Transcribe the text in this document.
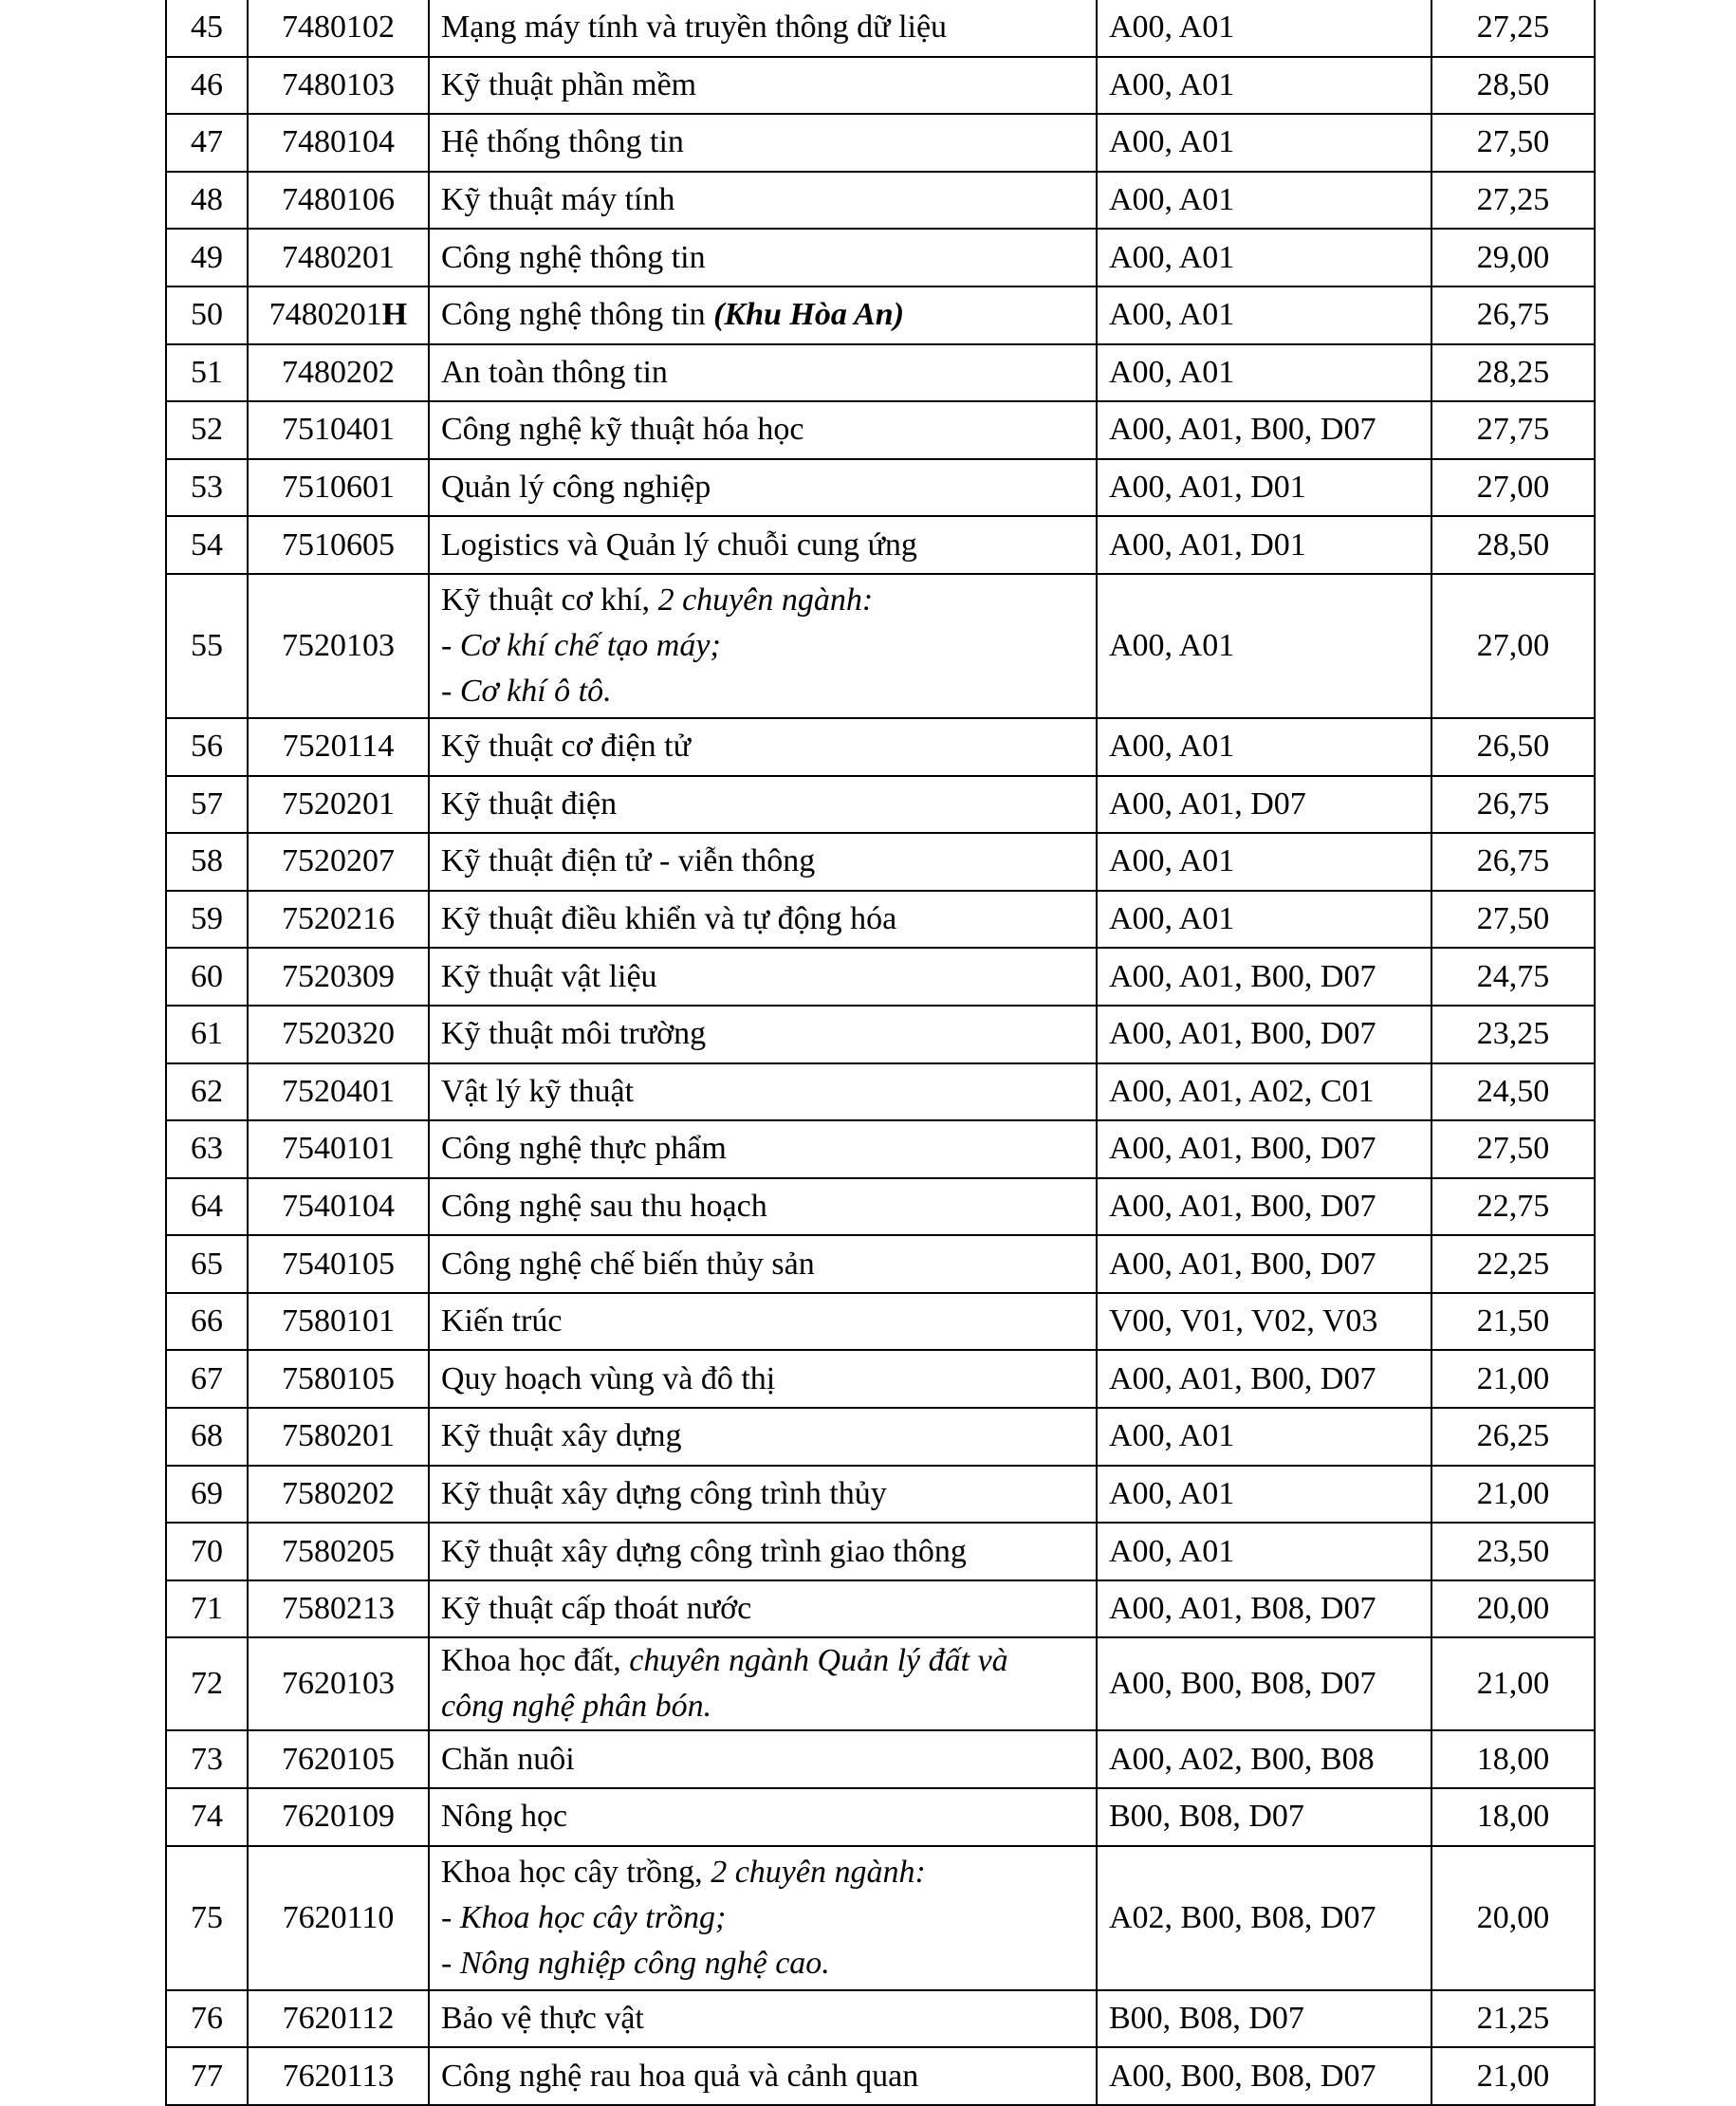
45	7480102	Mạng máy tính và truyền thông dữ liệu	A00, A01	27,25
46	7480103	Kỹ thuật phần mềm	A00, A01	28,50
47	7480104	Hệ thống thông tin	A00, A01	27,50
48	7480106	Kỹ thuật máy tính	A00, A01	27,25
49	7480201	Công nghệ thông tin	A00, A01	29,00
50	7480201H	Công nghệ thông tin (Khu Hòa An)	A00, A01	26,75
51	7480202	An toàn thông tin	A00, A01	28,25
52	7510401	Công nghệ kỹ thuật hóa học	A00, A01, B00, D07	27,75
53	7510601	Quản lý công nghiệp	A00, A01, D01	27,00
54	7510605	Logistics và Quản lý chuỗi cung ứng	A00, A01, D01	28,50
55	7520103	Kỹ thuật cơ khí, 2 chuyên ngành:
- Cơ khí chế tạo máy;
- Cơ khí ô tô.	A00, A01	27,00
56	7520114	Kỹ thuật cơ điện tử	A00, A01	26,50
57	7520201	Kỹ thuật điện	A00, A01, D07	26,75
58	7520207	Kỹ thuật điện tử - viễn thông	A00, A01	26,75
59	7520216	Kỹ thuật điều khiển và tự động hóa	A00, A01	27,50
60	7520309	Kỹ thuật vật liệu	A00, A01, B00, D07	24,75
61	7520320	Kỹ thuật môi trường	A00, A01, B00, D07	23,25
62	7520401	Vật lý kỹ thuật	A00, A01, A02, C01	24,50
63	7540101	Công nghệ thực phẩm	A00, A01, B00, D07	27,50
64	7540104	Công nghệ sau thu hoạch	A00, A01, B00, D07	22,75
65	7540105	Công nghệ chế biến thủy sản	A00, A01, B00, D07	22,25
66	7580101	Kiến trúc	V00, V01, V02, V03	21,50
67	7580105	Quy hoạch vùng và đô thị	A00, A01, B00, D07	21,00
68	7580201	Kỹ thuật xây dựng	A00, A01	26,25
69	7580202	Kỹ thuật xây dựng công trình thủy	A00, A01	21,00
70	7580205	Kỹ thuật xây dựng công trình giao thông	A00, A01	23,50
71	7580213	Kỹ thuật cấp thoát nước	A00, A01, B08, D07	20,00
72	7620103	Khoa học đất, chuyên ngành Quản lý đất và
công nghệ phân bón.	A00, B00, B08, D07	21,00
73	7620105	Chăn nuôi	A00, A02, B00, B08	18,00
74	7620109	Nông học	B00, B08, D07	18,00
75	7620110	Khoa học cây trồng, 2 chuyên ngành:
- Khoa học cây trồng;
- Nông nghiệp công nghệ cao.	A02, B00, B08, D07	20,00
76	7620112	Bảo vệ thực vật	B00, B08, D07	21,25
77	7620113	Công nghệ rau hoa quả và cảnh quan	A00, B00, B08, D07	21,00
